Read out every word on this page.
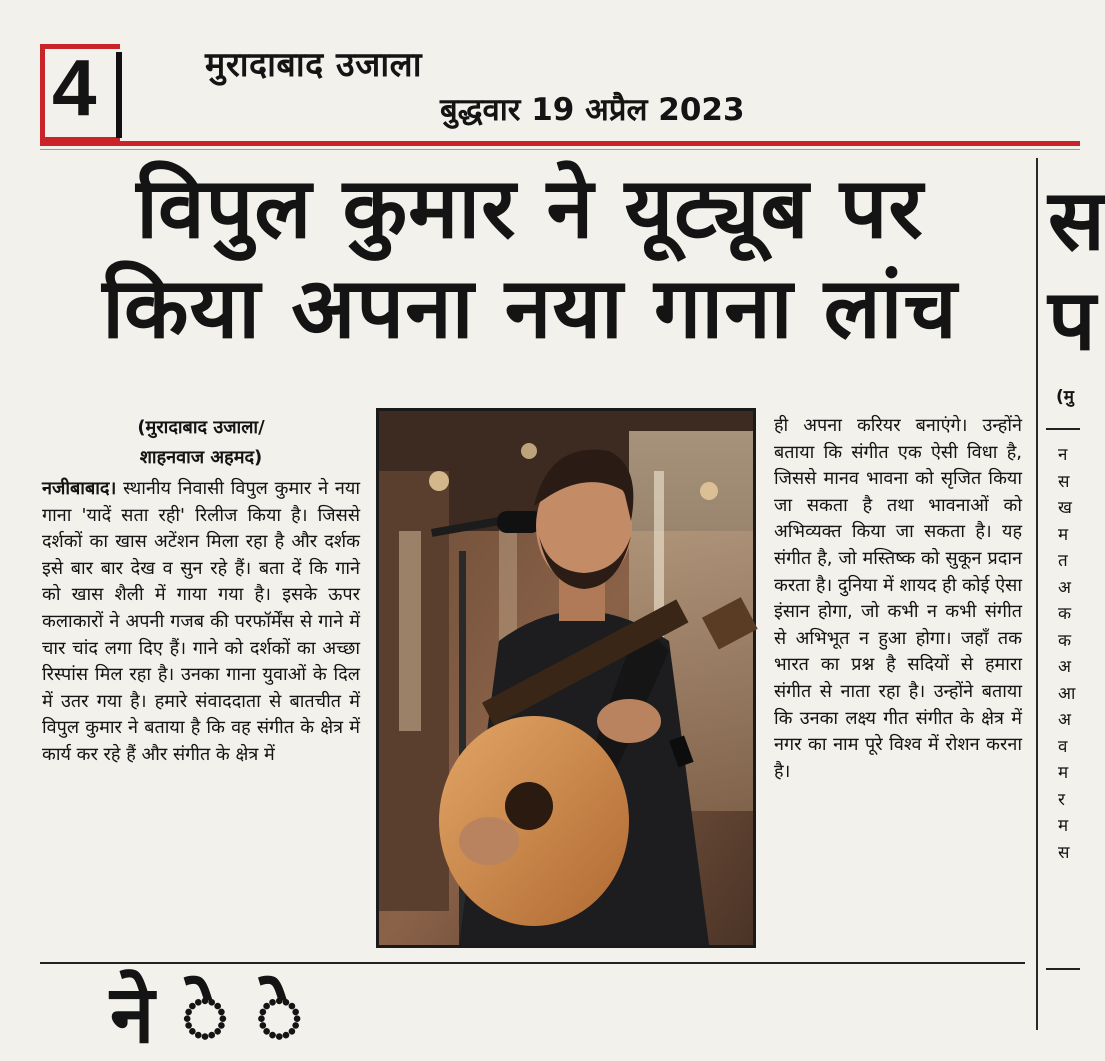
4	मुरादाबाद उजाला
बुद्धवार 19 अप्रैल 2023
विपुल कुमार ने यूट्यूब पर
किया अपना नया गाना लांच
(मुरादाबाद उजाला/
शाहनवाज अहमद)
नजीबाबाद। स्थानीय निवासी विपुल कुमार ने नया गाना 'यादें सता रही' रिलीज किया है। जिससे दर्शकों का खास अटेंशन मिला रहा है और दर्शक इसे बार बार देख व सुन रहे हैं। बता दें कि गाने को खास शैली में गाया गया है। इसके ऊपर कलाकारों ने अपनी गजब की परफॉर्मेंस से गाने में चार चांद लगा दिए हैं। गाने को दर्शकों का अच्छा रिस्पांस मिल रहा है। उनका गाना युवाओं के दिल में उतर गया है। हमारे संवाददाता से बातचीत में विपुल कुमार ने बताया है कि वह संगीत के क्षेत्र में कार्य कर रहे हैं और संगीत के क्षेत्र में
ही अपना करियर बनाएंगे। उन्होंने बताया कि संगीत एक ऐसी विधा है, जिससे मानव भावना को सृजित किया जा सकता है तथा भावनाओं को अभिव्यक्त किया जा सकता है। यह संगीत है, जो मस्तिष्क को सुकून प्रदान करता है। दुनिया में शायद ही कोई ऐसा इंसान होगा, जो कभी न कभी संगीत से अभिभूत न हुआ होगा। जहाँ तक भारत का प्रश्न है सदियों से हमारा संगीत से नाता रहा है। उन्होंने बताया कि उनका लक्ष्य गीत संगीत के क्षेत्र में नगर का नाम पूरे विश्व में रोशन करना है।
ने े े
स
प
(मु
न
स
ख
म
त
अ
क
क
अ
आ
अ
व
म
र
म
स
